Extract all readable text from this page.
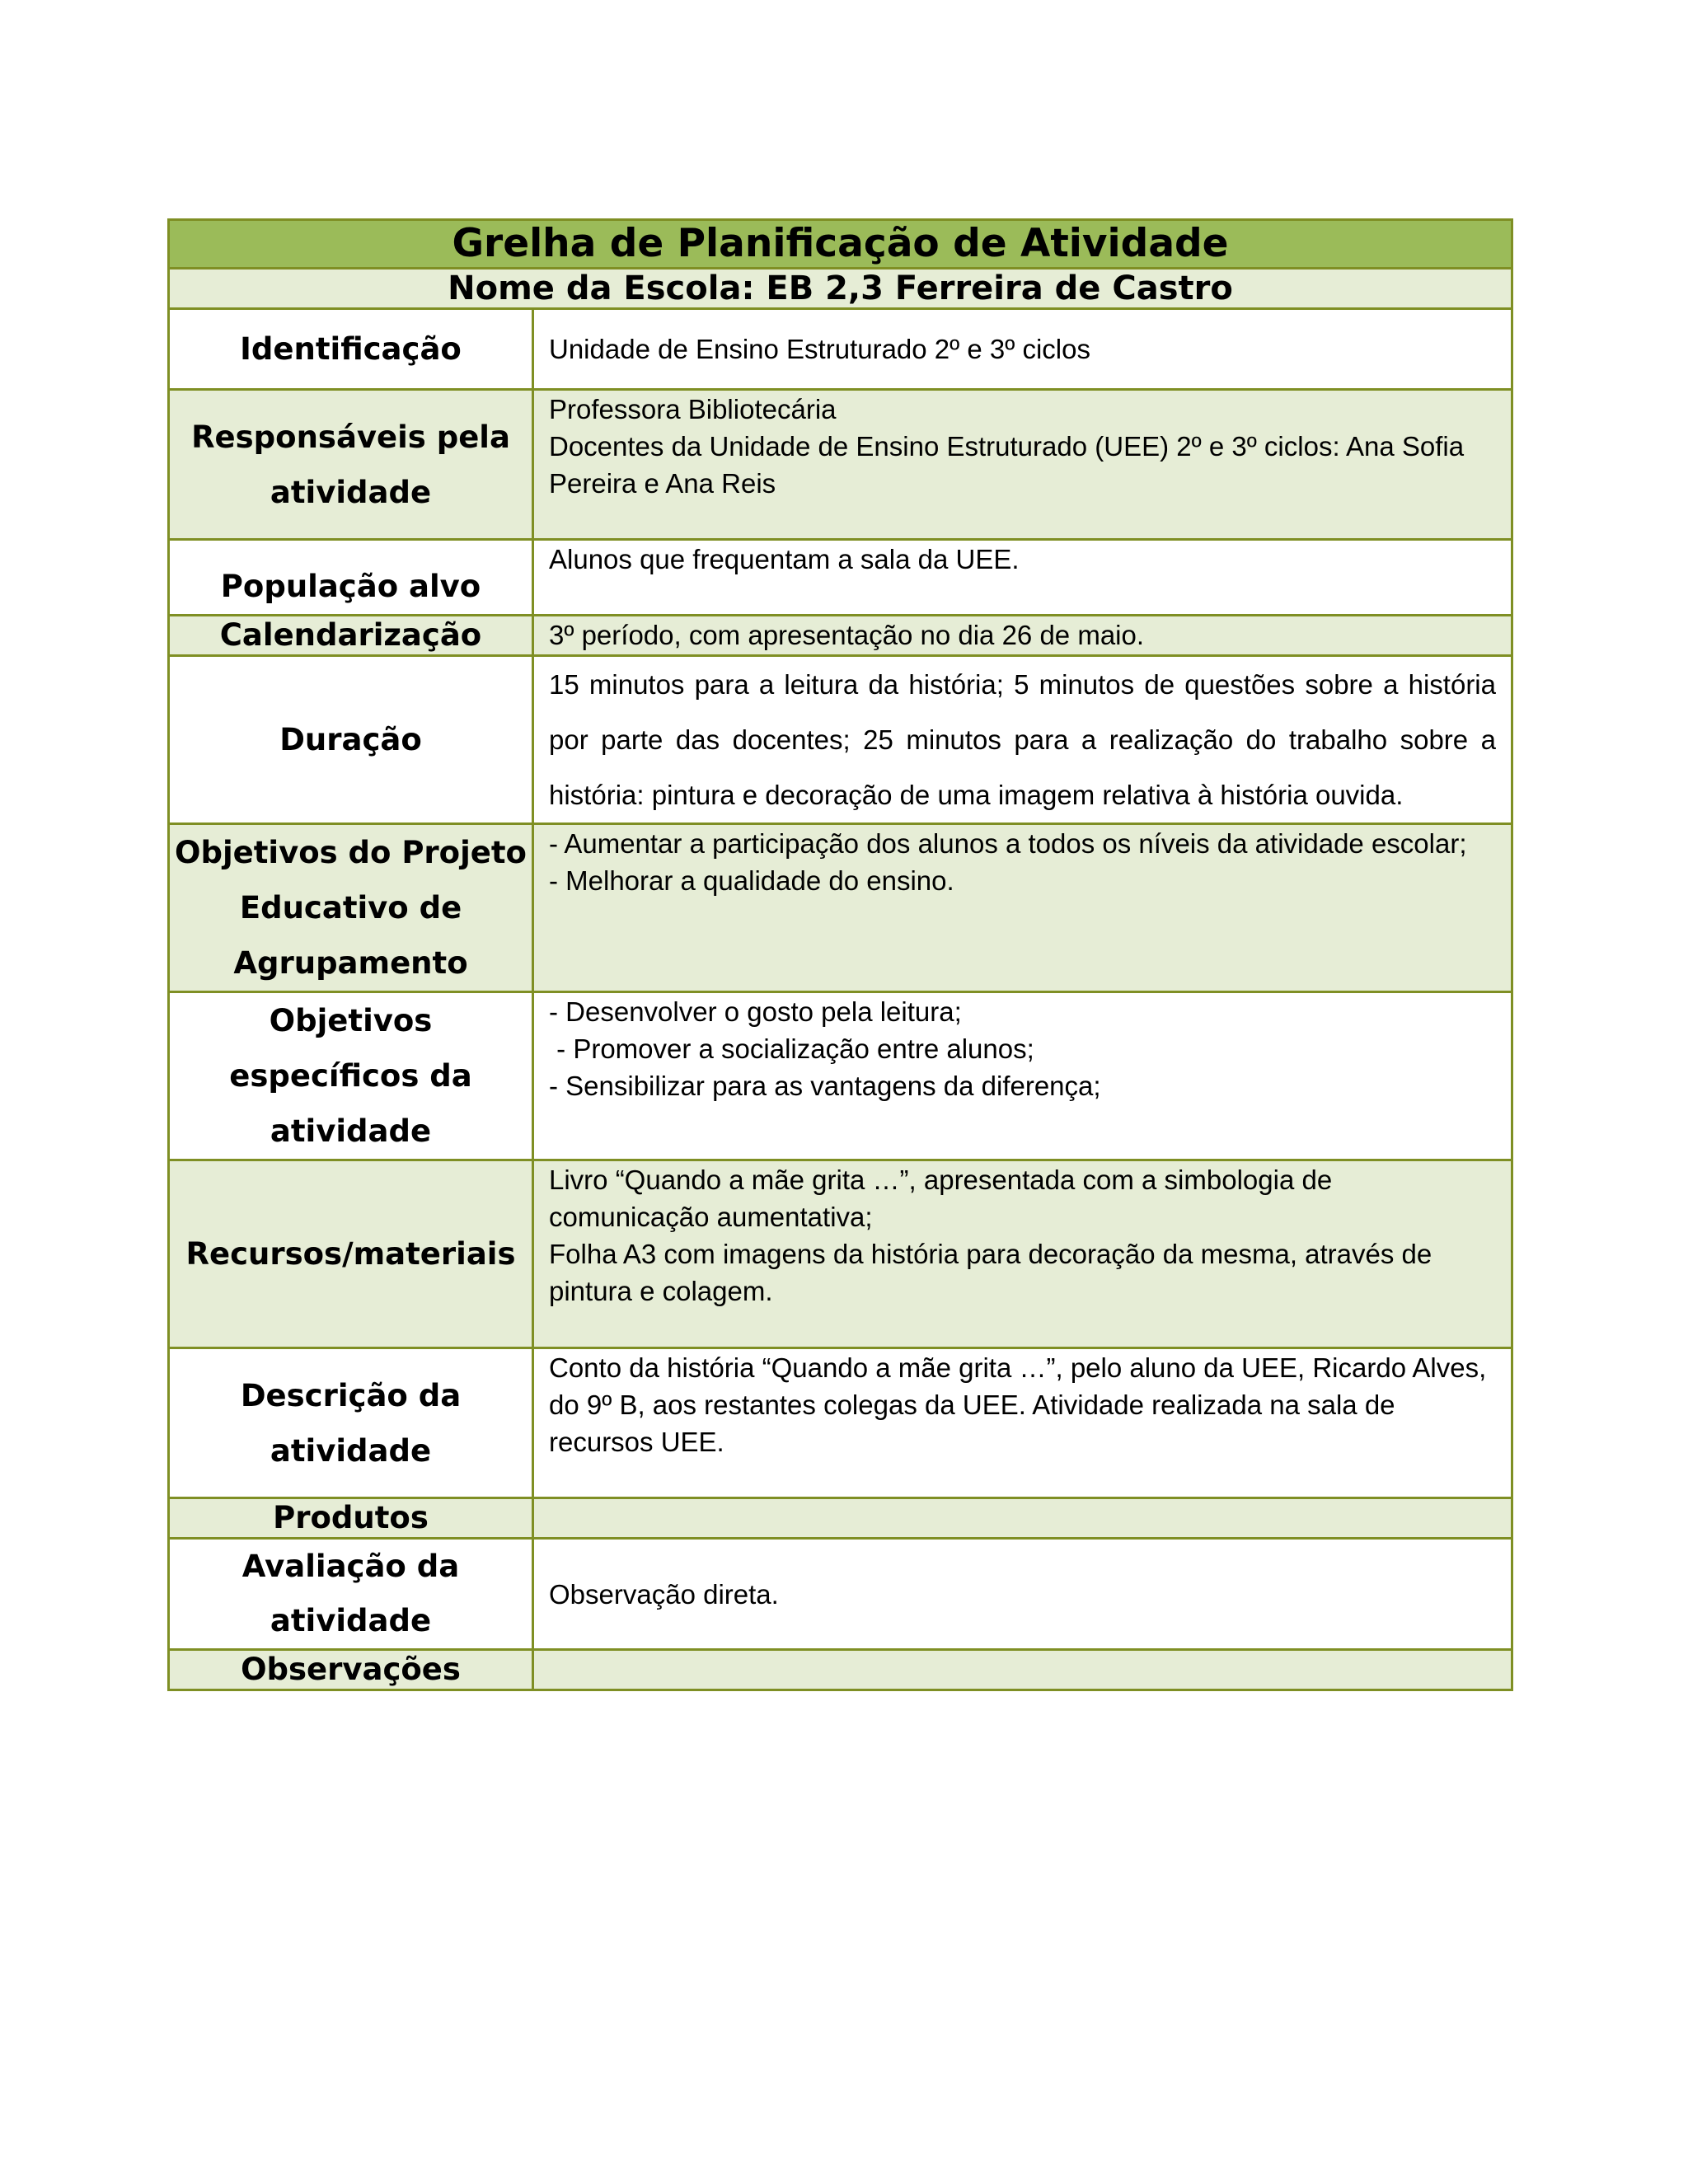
Grelha de Planificação de Atividade	
Nome da Escola: EB 2,3 Ferreira de Castro	
Identificação	Unidade de Ensino Estruturado 2º e 3º ciclos

Responsáveis pela atividade	Professora Bibliotecária
Docentes da Unidade de Ensino Estruturado (UEE) 2º e 3º ciclos: Ana Sofia Pereira e Ana Reis

População alvo	Alunos que frequentam a sala da UEE.

Calendarização	3º período, com apresentação no dia 26 de maio.

Duração	15 minutos para a leitura da história; 5 minutos de questões sobre a história por parte das docentes; 25 minutos para a realização do trabalho sobre a história: pintura e decoração de uma imagem relativa à história ouvida.

Objetivos do Projeto Educativo de Agrupamento	- Aumentar a participação dos alunos a todos os níveis da atividade escolar;
- Melhorar a qualidade do ensino.

Objetivos específicos da atividade	- Desenvolver o gosto pela leitura;
- Promover a socialização entre alunos;
- Sensibilizar para as vantagens da diferença;

Recursos/materiais	Livro “Quando a mãe grita …”, apresentada com a simbologia de comunicação aumentativa;
Folha A3 com imagens da história para decoração da mesma, através de pintura e colagem.

Descrição da atividade	Conto da história “Quando a mãe grita …”, pelo aluno da UEE, Ricardo Alves, do 9º B, aos restantes colegas da UEE. Atividade realizada na sala de recursos UEE.

Produtos	

Avaliação da atividade	Observação direta.

Observações	
